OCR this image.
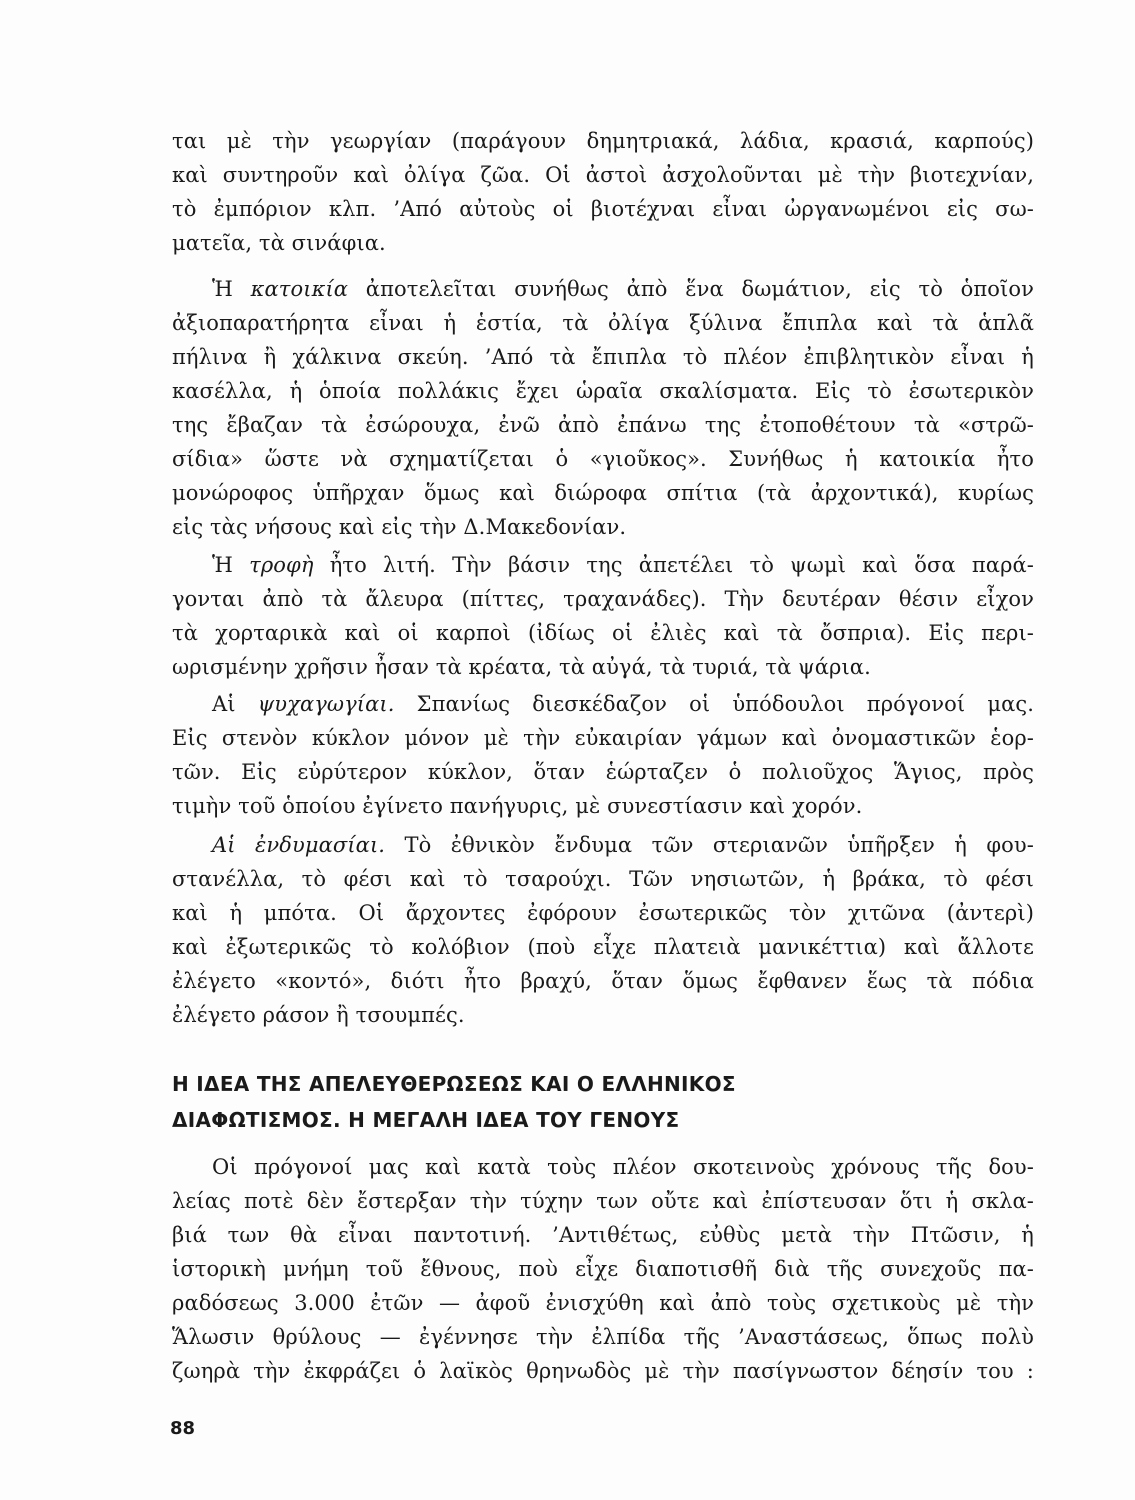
ται μὲ τὴν γεωργίαν (παράγουν δημητριακά, λάδια, κρασιά, καρπούς)
καὶ συντηροῦν καὶ ὀλίγα ζῶα. Οἱ ἀστοὶ ἀσχολοῦνται μὲ τὴν βιοτεχνίαν,
τὸ ἐμπόριον κλπ. ’Από αὐτοὺς οἱ βιοτέχναι εἶναι ὠργανωμένοι εἰς σω-
ματεῖα, τὰ σινάφια.
Ἡ κατοικία ἀποτελεῖται συνήθως ἀπὸ ἕνα δωμάτιον, εἰς τὸ ὁποῖον
ἀξιοπαρατήρητα εἶναι ἡ ἑστία, τὰ ὀλίγα ξύλινα ἔπιπλα καὶ τὰ ἁπλᾶ
πήλινα ἢ χάλκινα σκεύη. ’Από τὰ ἔπιπλα τὸ πλέον ἐπιβλητικὸν εἶναι ἡ
κασέλλα, ἡ ὁποία πολλάκις ἔχει ὡραῖα σκαλίσματα. Εἰς τὸ ἐσωτερικὸν
της ἔβαζαν τὰ ἐσώρουχα, ἐνῶ ἀπὸ ἐπάνω της ἐτοποθέτουν τὰ «στρῶ-
σίδια» ὥστε νὰ σχηματίζεται ὁ «γιοῦκος». Συνήθως ἡ κατοικία ἦτο
μονώροφος ὑπῆρχαν ὅμως καὶ διώροφα σπίτια (τὰ ἀρχοντικά), κυρίως
εἰς τὰς νήσους καὶ εἰς τὴν Δ.Μακεδονίαν.
Ἡ τροφὴ ἦτο λιτή. Τὴν βάσιν της ἀπετέλει τὸ ψωμὶ καὶ ὅσα παρά-
γονται ἀπὸ τὰ ἄλευρα (πίττες, τραχανάδες). Τὴν δευτέραν θέσιν εἶχον
τὰ χορταρικὰ καὶ οἱ καρποὶ (ἰδίως οἱ ἐλιὲς καὶ τὰ ὄσπρια). Εἰς περι-
ωρισμένην χρῆσιν ἦσαν τὰ κρέατα, τὰ αὐγά, τὰ τυριά, τὰ ψάρια.
Αἱ ψυχαγωγίαι. Σπανίως διεσκέδαζον οἱ ὑπόδουλοι πρόγονοί μας.
Εἰς στενὸν κύκλον μόνον μὲ τὴν εὐκαιρίαν γάμων καὶ ὀνομαστικῶν ἑορ-
τῶν. Εἰς εὐρύτερον κύκλον, ὅταν ἑώρταζεν ὁ πολιοῦχος Ἅγιος, πρὸς
τιμὴν τοῦ ὁποίου ἐγίνετο πανήγυρις, μὲ συνεστίασιν καὶ χορόν.
Αἱ ἐνδυμασίαι. Τὸ ἐθνικὸν ἔνδυμα τῶν στεριανῶν ὑπῆρξεν ἡ φου-
στανέλλα, τὸ φέσι καὶ τὸ τσαρούχι. Τῶν νησιωτῶν, ἡ βράκα, τὸ φέσι
καὶ ἡ μπότα. Οἱ ἄρχοντες ἐφόρουν ἐσωτερικῶς τὸν χιτῶνα (ἀντερὶ)
καὶ ἐξωτερικῶς τὸ κολόβιον (ποὺ εἶχε πλατειὰ μανικέττια) καὶ ἄλλοτε
ἐλέγετο «κοντό», διότι ἦτο βραχύ, ὅταν ὅμως ἔφθανεν ἕως τὰ πόδια
ἐλέγετο ράσον ἢ τσουμπές.
Η ΙΔΕΑ ΤΗΣ ΑΠΕΛΕΥΘΕΡΩΣΕΩΣ ΚΑΙ Ο ΕΛΛΗΝΙΚΟΣ
ΔΙΑΦΩΤΙΣΜΟΣ. Η ΜΕΓΑΛΗ ΙΔΕΑ ΤΟΥ ΓΕΝΟΥΣ
Οἱ πρόγονοί μας καὶ κατὰ τοὺς πλέον σκοτεινοὺς χρόνους τῆς δου-
λείας ποτὲ δὲν ἔστερξαν τὴν τύχην των οὔτε καὶ ἐπίστευσαν ὅτι ἡ σκλα-
βιά των θὰ εἶναι παντοτινή. ’Αντιθέτως, εὐθὺς μετὰ τὴν Πτῶσιν, ἡ
ἱστορικὴ μνήμη τοῦ ἔθνους, ποὺ εἶχε διαποτισθῆ διὰ τῆς συνεχοῦς πα-
ραδόσεως 3.000 ἐτῶν — ἀφοῦ ἐνισχύθη καὶ ἀπὸ τοὺς σχετικοὺς μὲ τὴν
Ἅλωσιν θρύλους — ἐγέννησε τὴν ἐλπίδα τῆς ’Αναστάσεως, ὅπως πολὺ
ζωηρὰ τὴν ἐκφράζει ὁ λαϊκὸς θρηνωδὸς μὲ τὴν πασίγνωστον δέησίν του :
88
